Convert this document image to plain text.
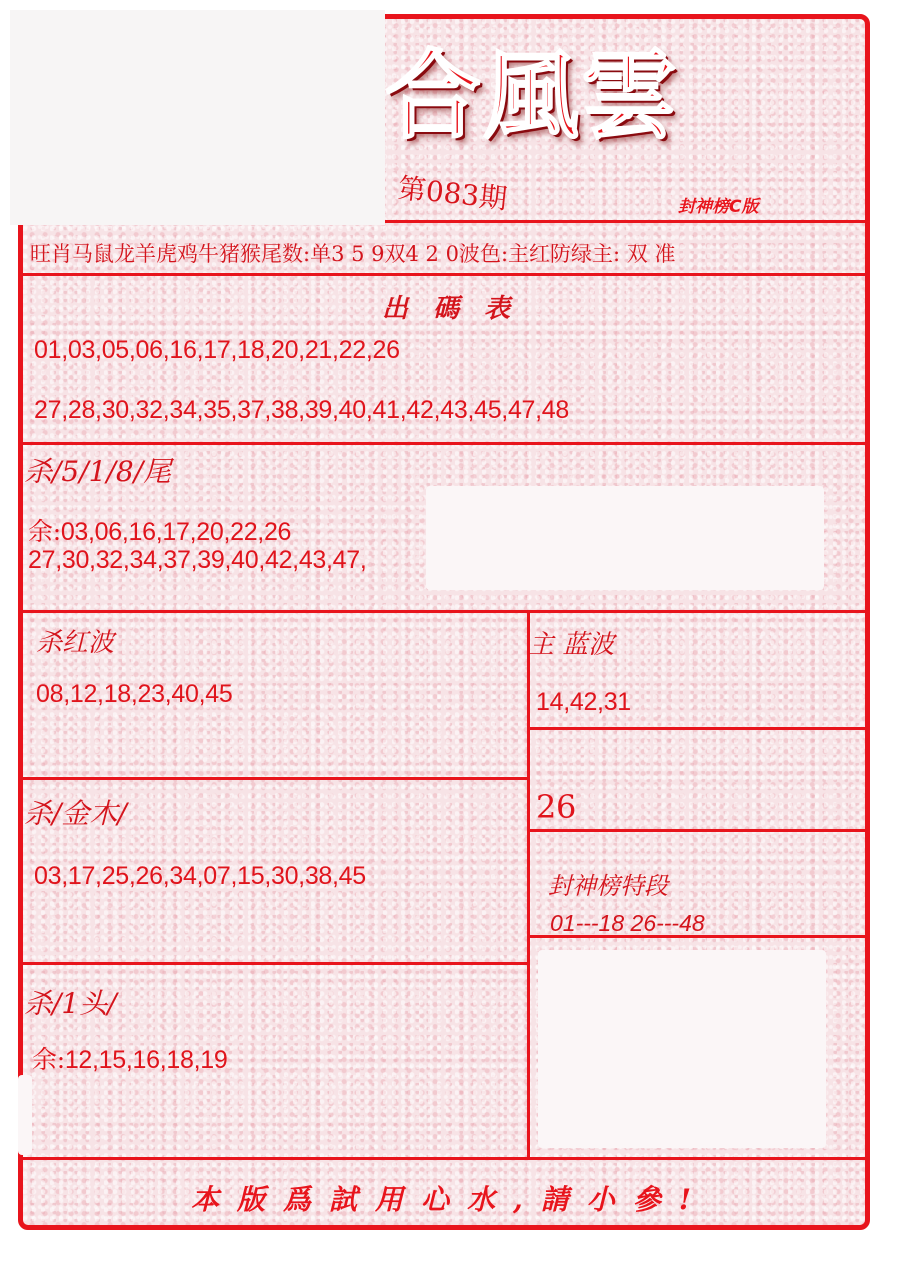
合風雲
第083期	封神榜C版
旺肖马鼠龙羊虎鸡牛猪猴尾数:单3 5 9双4 2 0波色:主红防绿主: 双 准
出 碼 表
01,03,05,06,16,17,18,20,21,22,26
27,28,30,32,34,35,37,38,39,40,41,42,43,45,47,48
杀/5/1/8/尾
余:03,06,16,17,20,22,26
27,30,32,34,37,39,40,42,43,47,
杀红波
08,12,18,23,40,45
主 蓝波
14,42,31
26
杀/金木/
03,17,25,26,34,07,15,30,38,45	封神榜特段
01---18 26---48
杀/1头/
余:12,15,16,18,19
本版爲試用心水,請小參!
